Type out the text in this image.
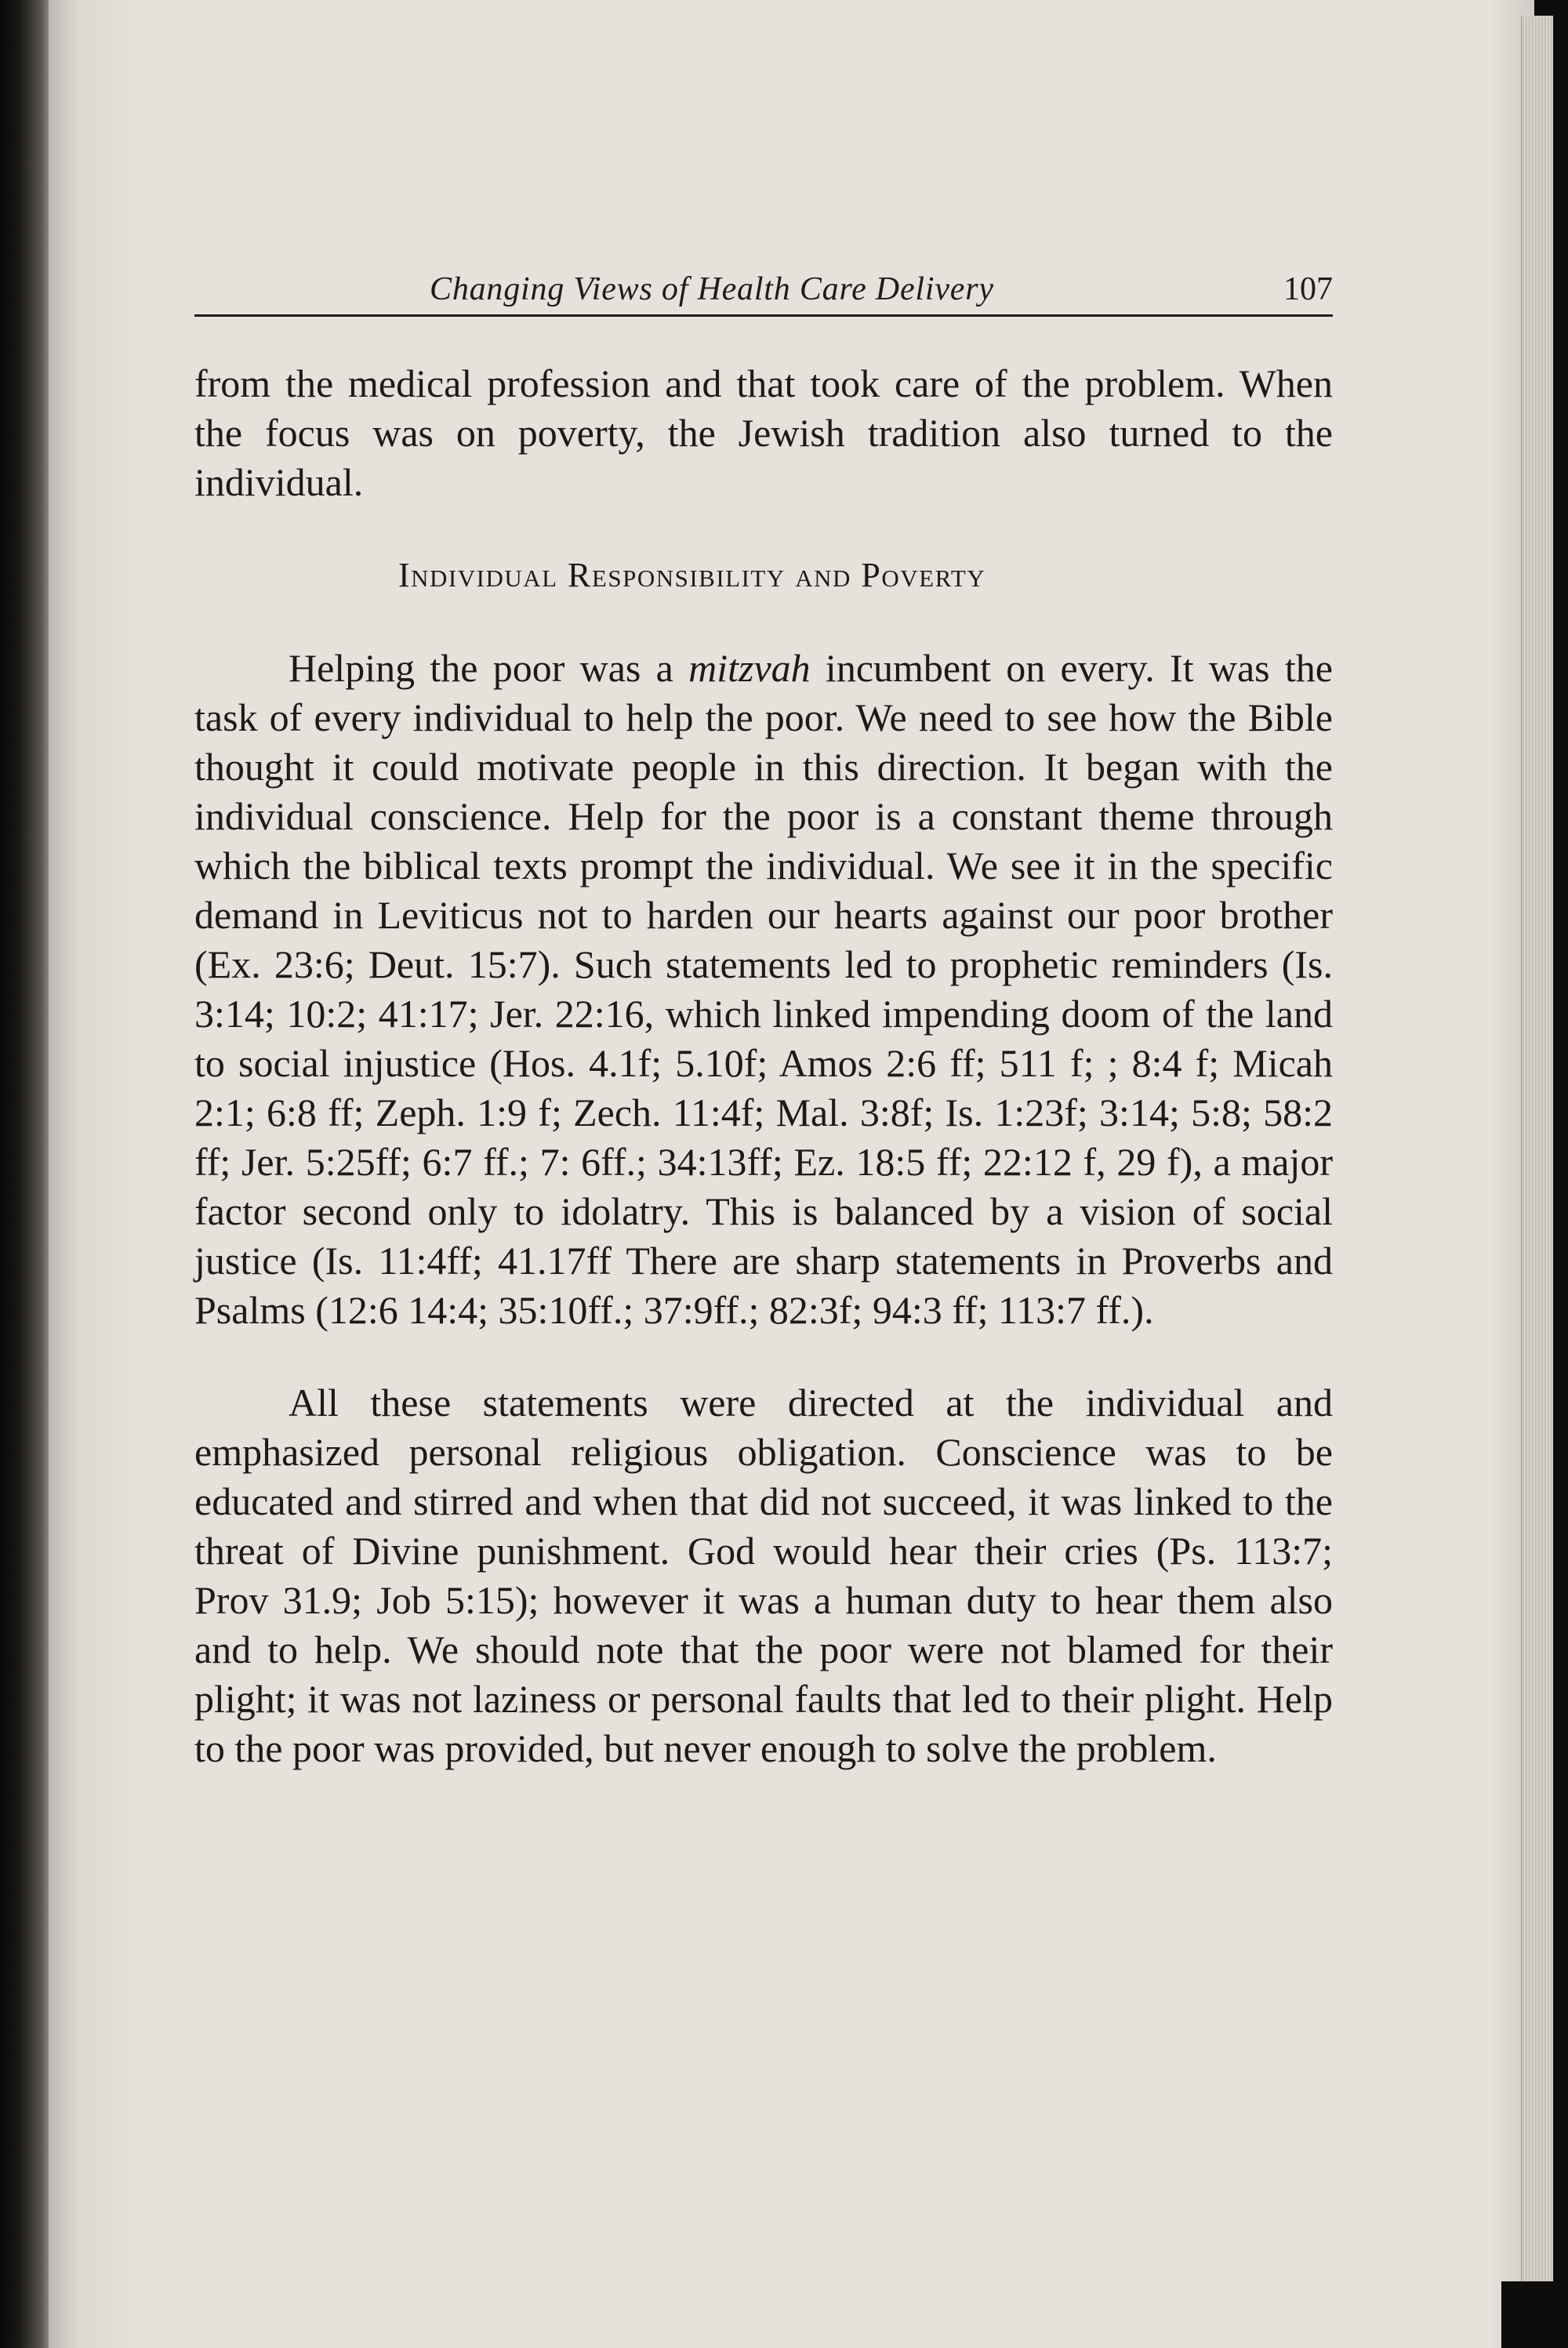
Changing Views of Health Care Delivery	107

from the medical profession and that took care of the problem. When the focus was on poverty, the Jewish tradition also turned to the individual.

Individual Responsibility and Poverty

Helping the poor was a mitzvah incumbent on every. It was the task of every individual to help the poor. We need to see how the Bible thought it could motivate people in this direction. It began with the individual conscience. Help for the poor is a constant theme through which the biblical texts prompt the individual. We see it in the specific demand in Leviticus not to harden our hearts against our poor brother (Ex. 23:6; Deut. 15:7). Such statements led to prophetic reminders (Is. 3:14; 10:2; 41:17; Jer. 22:16, which linked impending doom of the land to social injustice (Hos. 4.1f; 5.10f; Amos 2:6 ff; 511 f; ; 8:4 f; Micah 2:1; 6:8 ff; Zeph. 1:9 f; Zech. 11:4f; Mal. 3:8f; Is. 1:23f; 3:14; 5:8; 58:2 ff; Jer. 5:25ff; 6:7 ff.; 7: 6ff.; 34:13ff; Ez. 18:5 ff; 22:12 f, 29 f), a major factor second only to idolatry. This is balanced by a vision of social justice (Is. 11:4ff; 41.17ff There are sharp statements in Proverbs and Psalms (12:6 14:4; 35:10ff.; 37:9ff.; 82:3f; 94:3 ff; 113:7 ff.).

All these statements were directed at the individual and emphasized personal religious obligation. Conscience was to be educated and stirred and when that did not succeed, it was linked to the threat of Divine punishment. God would hear their cries (Ps. 113:7; Prov 31.9; Job 5:15); however it was a human duty to hear them also and to help. We should note that the poor were not blamed for their plight; it was not laziness or personal faults that led to their plight. Help to the poor was provided, but never enough to solve the problem.
